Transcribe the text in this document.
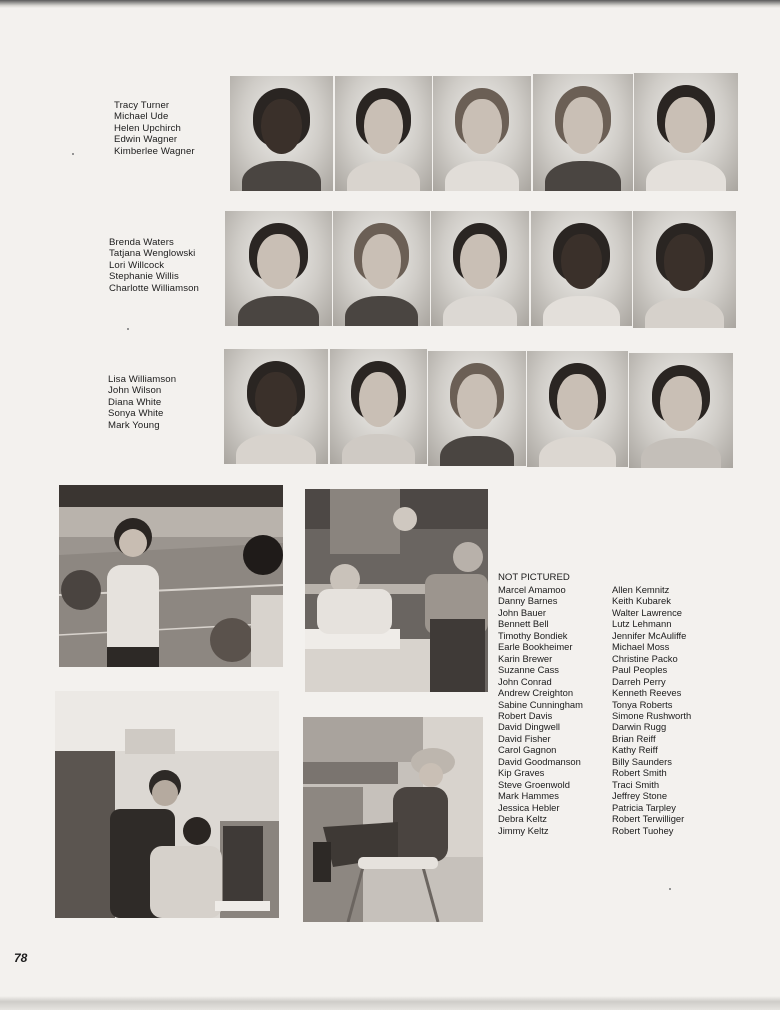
Tracy Turner
Michael Ude
Helen Upchirch
Edwin Wagner
Kimberlee Wagner
Brenda Waters
Tatjana Wenglowski
Lori Willcock
Stephanie Willis
Charlotte Williamson
Lisa Williamson
John Wilson
Diana White
Sonya White
Mark Young
NOT PICTURED
Marcel Amamoo
Danny Barnes
John Bauer
Bennett Bell
Timothy Bondiek
Earle Bookheimer
Karin Brewer
Suzanne Cass
John Conrad
Andrew Creighton
Sabine Cunningham
Robert Davis
David Dingwell
David Fisher
Carol Gagnon
David Goodmanson
Kip Graves
Steve Groenwold
Mark Hammes
Jessica Hebler
Debra Keltz
Jimmy Keltz
Allen Kemnitz
Keith Kubarek
Walter Lawrence
Lutz Lehmann
Jennifer McAuliffe
Michael Moss
Christine Packo
Paul Peoples
Darreh Perry
Kenneth Reeves
Tonya Roberts
Simone Rushworth
Darwin Rugg
Brian Reiff
Kathy Reiff
Billy Saunders
Robert Smith
Traci Smith
Jeffrey Stone
Patricia Tarpley
Robert Terwilliger
Robert Tuohey
78
